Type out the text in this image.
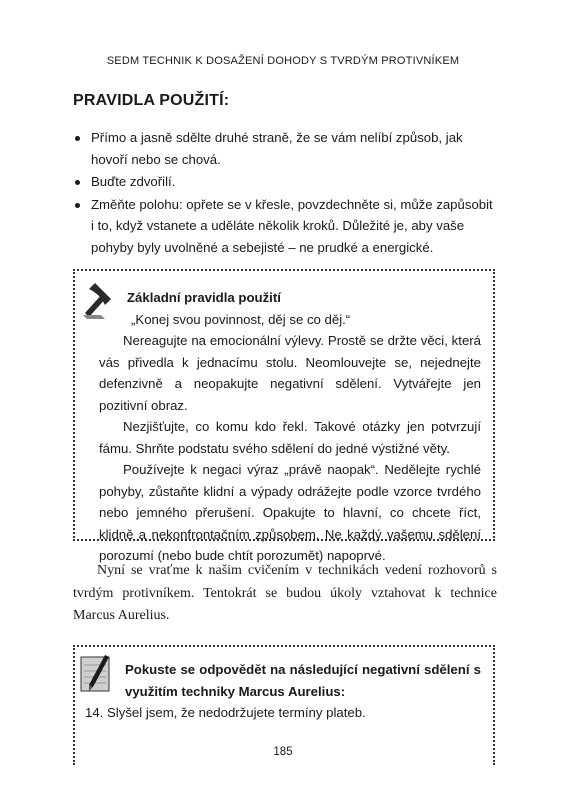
SEDM TECHNIK K DOSAŽENÍ DOHODY S TVRDÝM PROTIVNÍKEM
PRAVIDLA POUŽITÍ:
Přímo a jasně sdělte druhé straně, že se vám nelíbí způsob, jak hovoří nebo se chová.
Buďte zdvořilí.
Změňte polohu: opřete se v křesle, povzdechněte si, může zapůsobit i to, když vstanete a uděláte několik kroků. Důležité je, aby vaše pohyby byly uvolněné a sebejisté – ne prudké a energické.
Základní pravidla použití
„Konej svou povinnost, děj se co děj.“
Nereagujte na emocionální výlevy. Prostě se držte věci, která vás přivedla k jednacímu stolu. Neomlouvejte se, nejednejte defenzivně a neopakujte negativní sdělení. Vytvářejte jen pozitivní obraz.
Nezjišťujte, co komu kdo řekl. Takové otázky jen potvrzují fámu. Shrňte podstatu svého sdělení do jedné výstižné věty.
Používejte k negaci výraz „právě naopak“. Nedělejte rychlé pohyby, zůstaňte klidní a výpady odrážejte podle vzorce tvrdého nebo jemného přerušení. Opakujte to hlavní, co chcete říct, klidně a nekonfrontačním způsobem. Ne každý vašemu sdělení porozumí (nebo bude chtít porozumět) napoprvé.
Nyní se vraťme k našim cvičením v technikách vedení rozhovorů s tvrdým protivníkem. Tentokrát se budou úkoly vztahovat k technice Marcus Aurelius.
Pokuste se odpovědět na následující negativní sdělení s využitím techniky Marcus Aurelius:
14. Slyšel jsem, že nedodržujete termíny plateb.
185
